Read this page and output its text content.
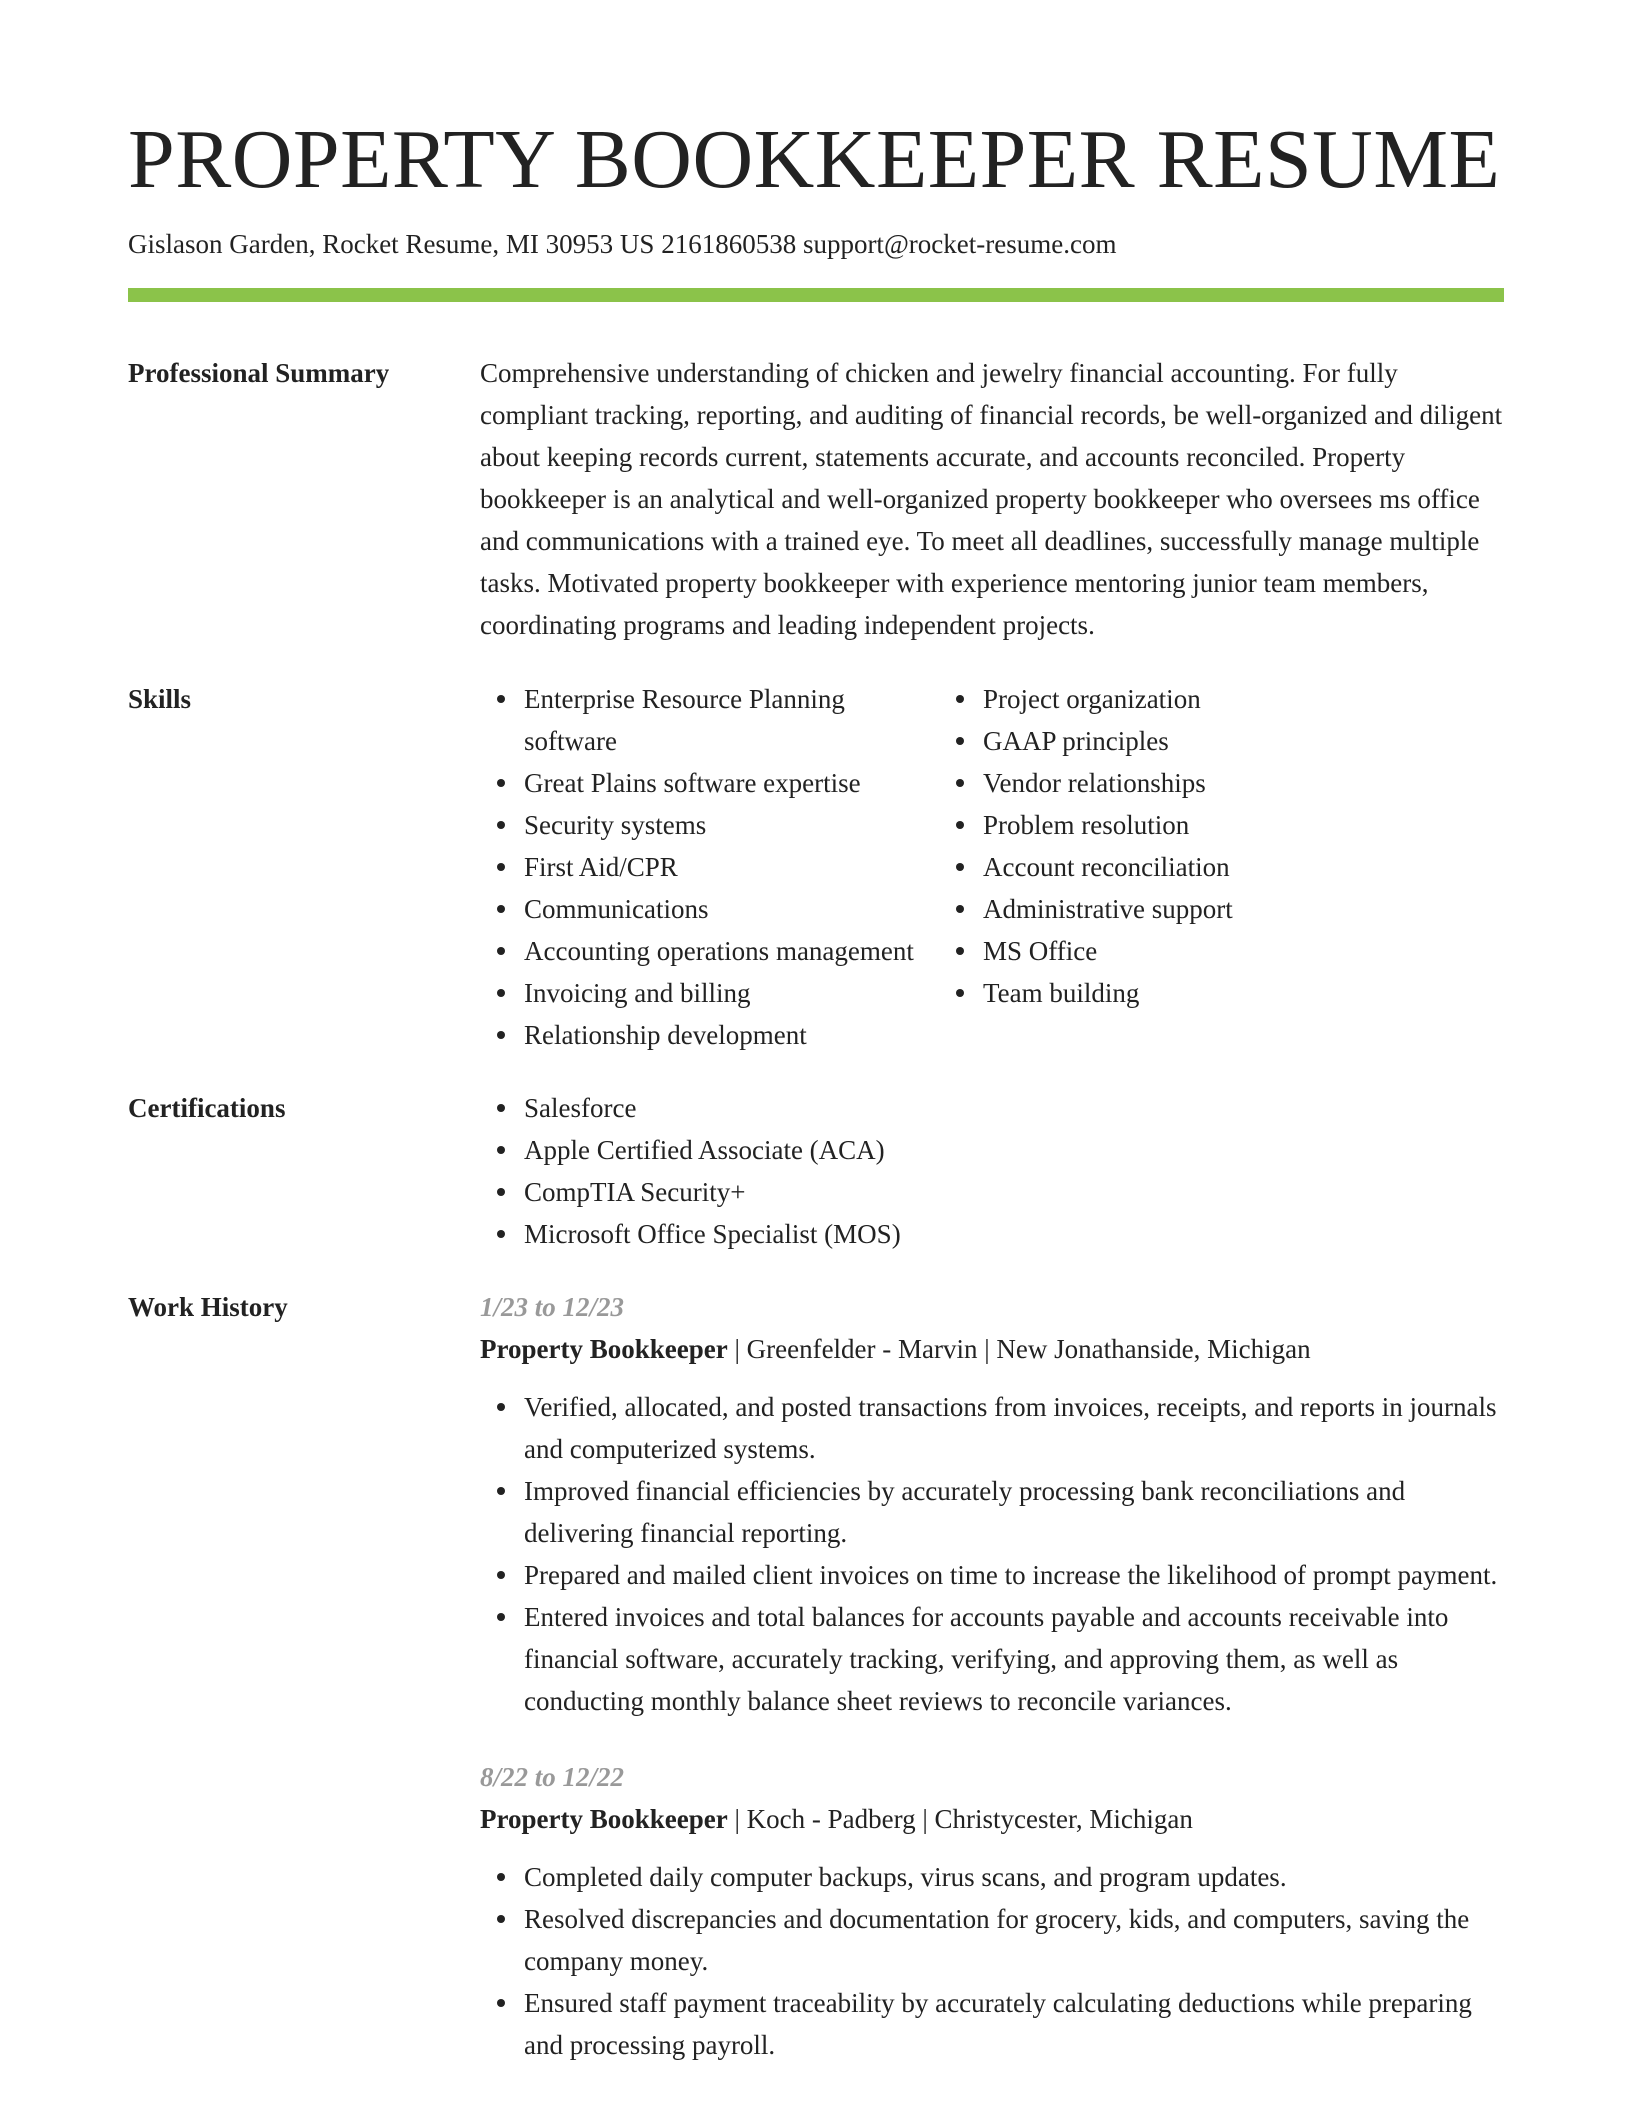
PROPERTY BOOKKEEPER RESUME
Gislason Garden, Rocket Resume, MI 30953 US 2161860538 support@rocket-resume.com
Professional Summary	Comprehensive understanding of chicken and jewelry financial accounting. For fully compliant tracking, reporting, and auditing of financial records, be well-organized and diligent about keeping records current, statements accurate, and accounts reconciled. Property bookkeeper is an analytical and well-organized property bookkeeper who oversees ms office and communications with a trained eye. To meet all deadlines, successfully manage multiple tasks. Motivated property bookkeeper with experience mentoring junior team members, coordinating programs and leading independent projects.
Skills	Enterprise Resource Planning software
Great Plains software expertise
Security systems
First Aid/CPR
Communications
Accounting operations management
Invoicing and billing
Relationship development
Project organization
GAAP principles
Vendor relationships
Problem resolution
Account reconciliation
Administrative support
MS Office
Team building
Certifications	Salesforce
Apple Certified Associate (ACA)
CompTIA Security+
Microsoft Office Specialist (MOS)
Work History	1/23 to 12/23
Property Bookkeeper | Greenfelder - Marvin | New Jonathanside, Michigan
Verified, allocated, and posted transactions from invoices, receipts, and reports in journals and computerized systems.
Improved financial efficiencies by accurately processing bank reconciliations and delivering financial reporting.
Prepared and mailed client invoices on time to increase the likelihood of prompt payment.
Entered invoices and total balances for accounts payable and accounts receivable into financial software, accurately tracking, verifying, and approving them, as well as conducting monthly balance sheet reviews to reconcile variances.
8/22 to 12/22
Property Bookkeeper | Koch - Padberg | Christycester, Michigan
Completed daily computer backups, virus scans, and program updates.
Resolved discrepancies and documentation for grocery, kids, and computers, saving the company money.
Ensured staff payment traceability by accurately calculating deductions while preparing and processing payroll.
